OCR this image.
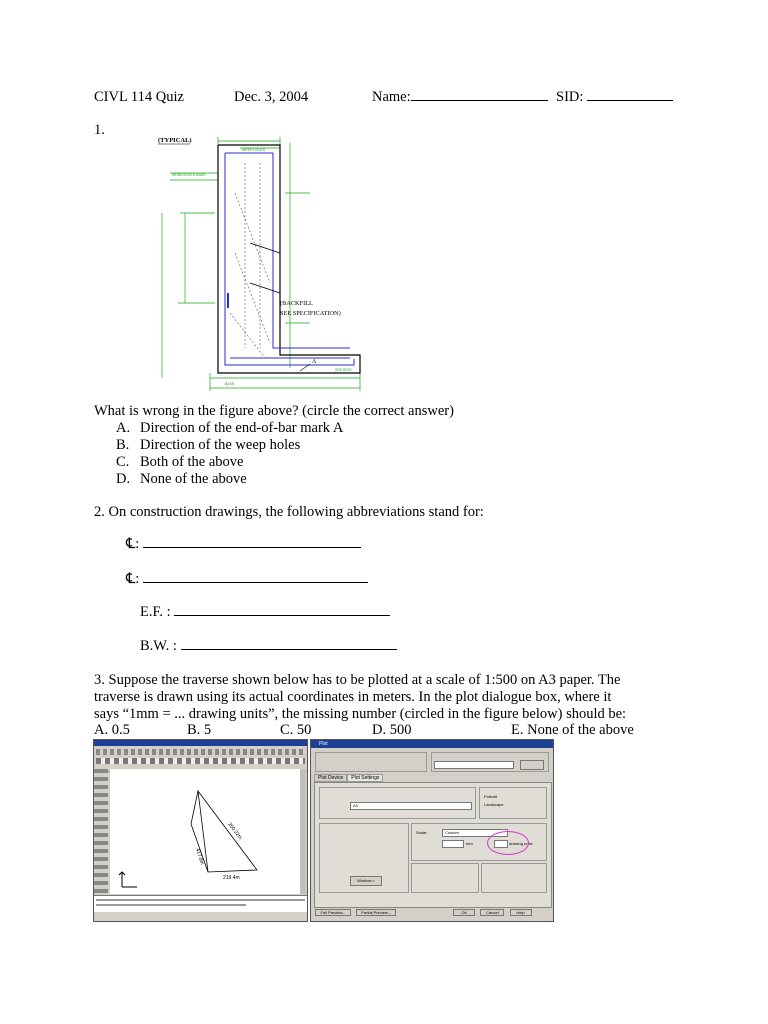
CIVL 114 Quiz	Dec. 3, 2004	Name:	SID:
1.
(TYPICAL)
REINFORCED BARS
WEEP HOLES
SEE SPEC
BASE
(BACKFILL
SEE SPECIFICATION)
A
What is wrong in the figure above? (circle the correct answer)
A. Direction of the end-of-bar mark A
B. Direction of the weep holes
C. Both of the above
D. None of the above
2. On construction drawings, the following abbreviations stand for:
℄:
℄:
E.F. :
B.W. :
3. Suppose the traverse shown below has to be plotted at a scale of 1:500 on A3 paper. The
traverse is drawn using its actual coordinates in meters. In the plot dialogue box, where it
says “1mm = ... drawing units”, the missing number (circled in the figure below) should be:
A. 0.5	B. 5	C. 50	D. 500	E. None of the above
250.22m
417.8m
219.4m
Plot
Plot Device Plot Settings
A3
Portrait
Landscape
Window <
Scale:	Custom
mm	drawing units
Full Preview...	Partial Preview...	OK	Cancel	Help
